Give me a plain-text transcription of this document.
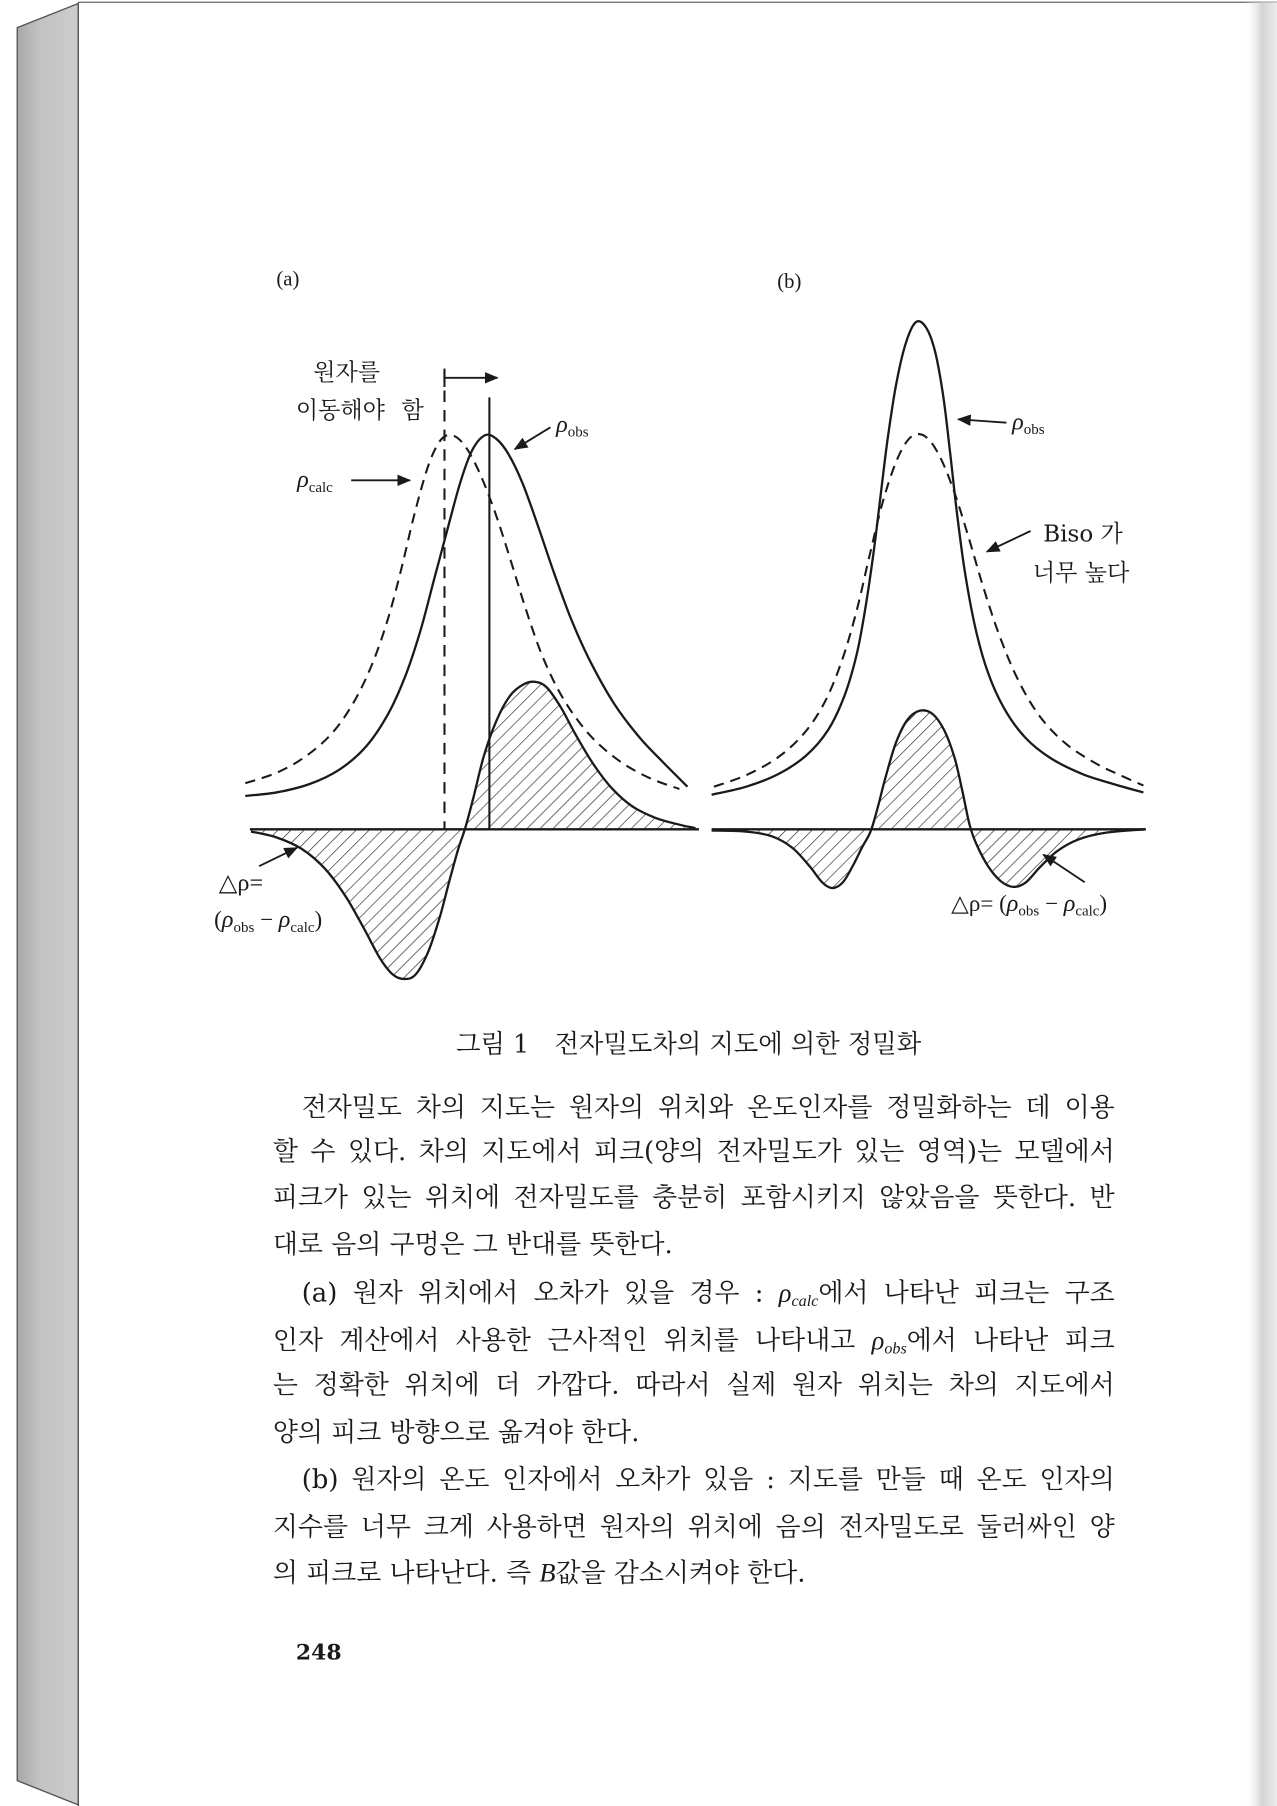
(a)
원자를
이동해야 함	$\rho_{obs}$
$\rho_{calc}$
△ρ=
$(\rho_{obs} - \rho_{calc})$
(b)
$\rho_{obs}$
Biso 가
너무 높다
△ρ= $(\rho_{obs} - \rho_{calc})$
그림 1 전자밀도차의 지도에 의한 정밀화
전자밀도 차의 지도는 원자의 위치와 온도인자를 정밀화하는 데 이용
할 수 있다. 차의 지도에서 피크(양의 전자밀도가 있는 영역)는 모델에서
피크가 있는 위치에 전자밀도를 충분히 포함시키지 않았음을 뜻한다. 반
대로 음의 구멍은 그 반대를 뜻한다.
(a) 원자 위치에서 오차가 있을 경우 : $\rho_{calc}$에서 나타난 피크는 구조
인자 계산에서 사용한 근사적인 위치를 나타내고 $\rho_{obs}$에서 나타난 피크
는 정확한 위치에 더 가깝다. 따라서 실제 원자 위치는 차의 지도에서
양의 피크 방향으로 옮겨야 한다.
(b) 원자의 온도 인자에서 오차가 있음 : 지도를 만들 때 온도 인자의
지수를 너무 크게 사용하면 원자의 위치에 음의 전자밀도로 둘러싸인 양
의 피크로 나타난다. 즉 B값을 감소시켜야 한다.
248
